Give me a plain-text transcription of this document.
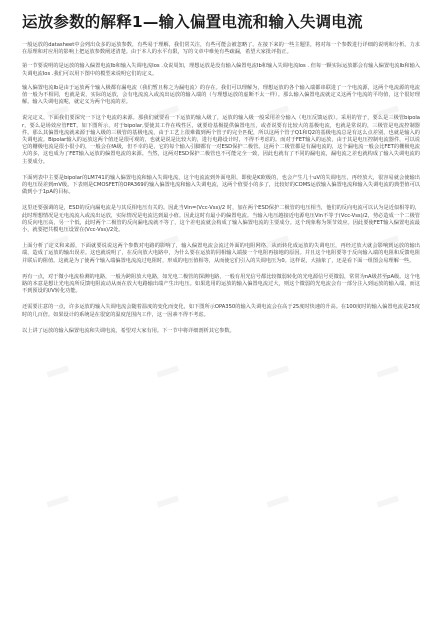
运放参数的解释1—输入偏置电流和输入失调电流

一般运放的datasheet中会列出众多的运放参数，有些易于理解，我们常关注，有些可能会被忽略了。在接下来的一些主题里，将对每一个参数进行详细的说明和分析。力求在原理和对应用的影响上把运放参数阐述清楚。由于本人的水平有限，写的文章中难免有些疏漏，希望大家批评指正。

第一节要说明的是运放的输入偏置电流Ib和输入失调电流Ios .众说周知，理想运放是没有输入偏置电流Ib和输入失调电流Ios . 但每一颗实际运放都会有输入偏置电流Ib和输入失调电流Ios .我们可以用下图中的模型来说明它们的定义。

输入偏置电流Ib是由于运放两个输入极都有漏电流（我们暂且称之为漏电流）的存在。我们可以理解为，理想运放的各个输入端都串联进了一个电流源，这两个电流源的电流值一般为不相同，也就是说，实际的运放，会有电流流入或流出运放的输入端的（与理想运放的虚断不太一样）。那么输入偏置电流就定义这两个电流的平均值，这个很好理解。输入失调电流呢，就定义为两个电流的差。

说完定义，下面我们要深究一下这个电流的来源。那我们就要看一下运放的输入级了，运放的输入级一般采用差分输入（电压反馈运放）。采用的管子，要么是三极管bipolar，要么是场效应管FET。如下图所示，对于bipolar,要使其工作在线性区，就要给基极提供偏置电压，或者说要有比较大的基极电流，也就是常说的，三极管是电流控制器件。那么其偏置电流就来源于输入级的三极管的基极电流，由于工艺上很难做到两个管子的完全匹配，所以这两个管子Q1和Q2的基极电流总是有这么点差别，也就是输入的失调电流。Bipolar输入的运放这两个值还是很可观的，也就是说是比较大的，进行电路设计时，不得不考虑的。而对于FET输入的运放，由于其是电压控制电流器件，可以说它的栅极电流是很小很小的，一般会在fA级，但不幸的是，它的每个输入引脚都有一对ESD保护二极管。这两个二极管都是有漏电流的，这个漏电流一般会比FET的栅极电流大的多，这也成为了FET输入运放的偏置电流的来源。当然，这两对ESD保护二极管也不可能完全一致，因此也就有了不同的漏电流，漏电流之差也就构成了输入失调电流的主要成分。

下面列表中主要是bipolar的LM741的输入偏置电流和输入失调电流，这个电流流到外面电阻，即使是K欧级的，也会产生几十uV的失调电压，再经放大，很容易就会使输出的电压误差到mV级。下表则是CMOSFET的OPA369的输入偏置电流和输入失调电流，这两个值要小的多了，比较好的COMS运放输入偏置电流和输入失调电流的典型值可以做到小于1pA的目标。

这里还要强调的是，ESD的反向漏电流是与其反相电压有关的。因此当Vin=(Vcc-Vss)/2 时，加在两个ESD保护二极管的电压相当，他们的反向电流可以认为是近似相等的，此时理想情况是无电流流入或流出运放，实际情况是电流达到最小值。因此这时有最小的偏置电流。当输入电压越接近电源电压Vin不等于(Vcc-Vss)/2，势必造成一个二极管的反向电压高，另一个低，此时两个二极管的反向漏电流就不等了，这个差电流就会构成了输入偏置电流的主要成分。这个现象称为领节效应。因此要使FET输入偏置电流最小，就要把共模电压设置在(Vcc-Vss)/2处。

上面分析了定义和来源，下面就要说说这两个参数对电路的影响了，输入偏置电流会流过外面的电阻网络，从而转化成运放的失调电压，再经过放大就会影响到运放的输出端，造成了运放的输出误差。这也就说明了，在反向放大电路中，为什么要在运放的同相输入端接一个电阻再接地的原因。并且这个电阻要等于反向输入端的电阻和反馈电阻并联后的阻值。这就是为了使两个输入端偏置电流流过电阻时，形成的电压值相等，从而使它们引入的失调电压为0。这样说，大抽象了，还是看下面一组图会易理解一些。

再有一点，对于微小电流检测的电路，一般为跨阻放大电路，如光电二极管的探测电路，一般有用光信号都比较微弱转化的光电源信号更微弱，常常为nA级甚至pA级。这个电路的本意是想让光电流所反馈电阻流动从而在放大电路输出端产生出电压。如果选用的运放的输入偏置电流过大，则这个微弱的光电流会有一部分注入到运放的输入端，而这不到预设的I/V转化功能。

还需要注意的一点，许多运放的输入失调电流会随着温度的变化而变化，如下图所示OPA350的输入失调电流会在高于25度时快速的升高。在100度时的输入偏置电流是25度时的几百倍。如果设计的系统是在很宽的温度范围内工作，这一因素不得不考虑。

以上讲了运放的输入偏置电流和失调电流，希望对大家有用。下一节中将详细剖析其它参数。
